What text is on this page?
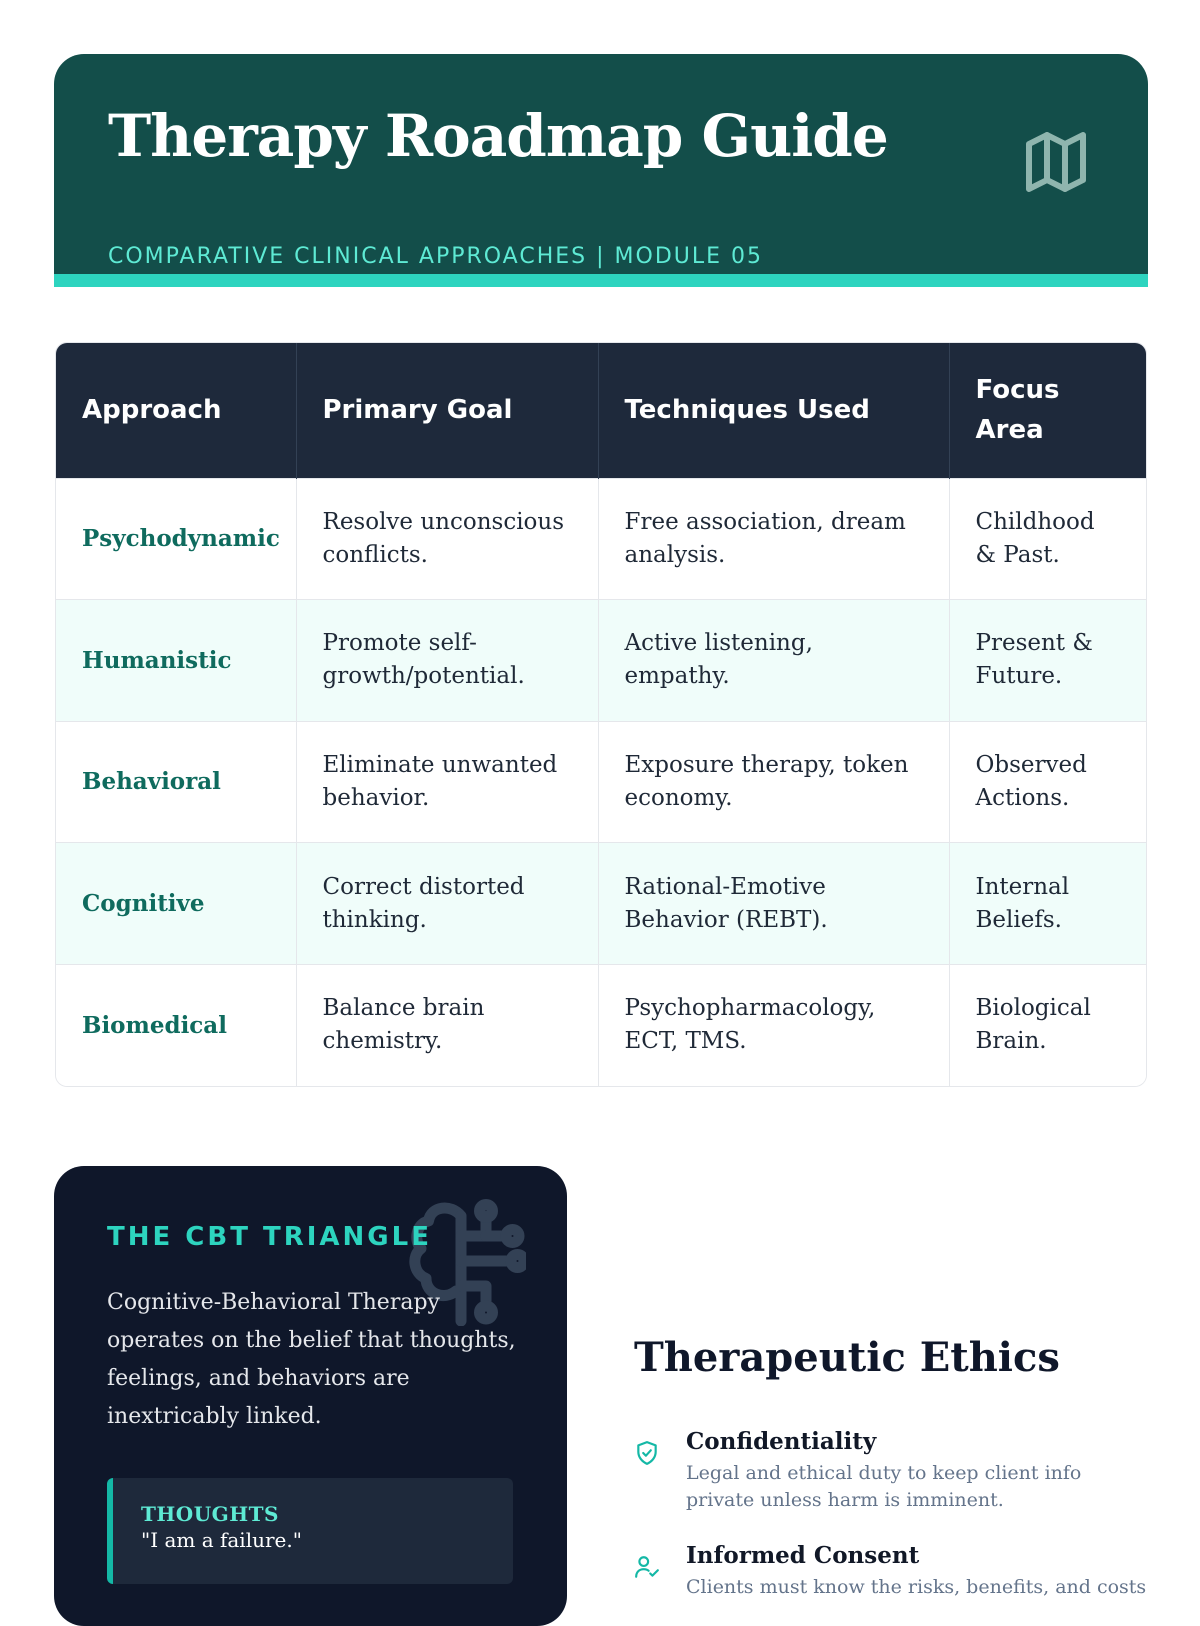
Therapy Roadmap Guide

COMPARATIVE CLINICAL APPROACHES | MODULE 05

Approach	Primary Goal	Techniques Used	Focus Area
Psychodynamic	Resolve unconscious conflicts.	Free association, dream analysis.	Childhood & Past.
Humanistic	Promote self-growth/potential.	Active listening, empathy.	Present & Future.
Behavioral	Eliminate unwanted behavior.	Exposure therapy, token economy.	Observed Actions.
Cognitive	Correct distorted thinking.	Rational-Emotive Behavior (REBT).	Internal Beliefs.
Biomedical	Balance brain chemistry.	Psychopharmacology, ECT, TMS.	Biological Brain.

THE CBT TRIANGLE

Cognitive-Behavioral Therapy operates on the belief that thoughts, feelings, and behaviors are inextricably linked.

THOUGHTS
"I am a failure."
Therapeutic Ethics
Confidentiality
Legal and ethical duty to keep client info private unless harm is imminent.
Informed Consent
Clients must know the risks, benefits, and costs
